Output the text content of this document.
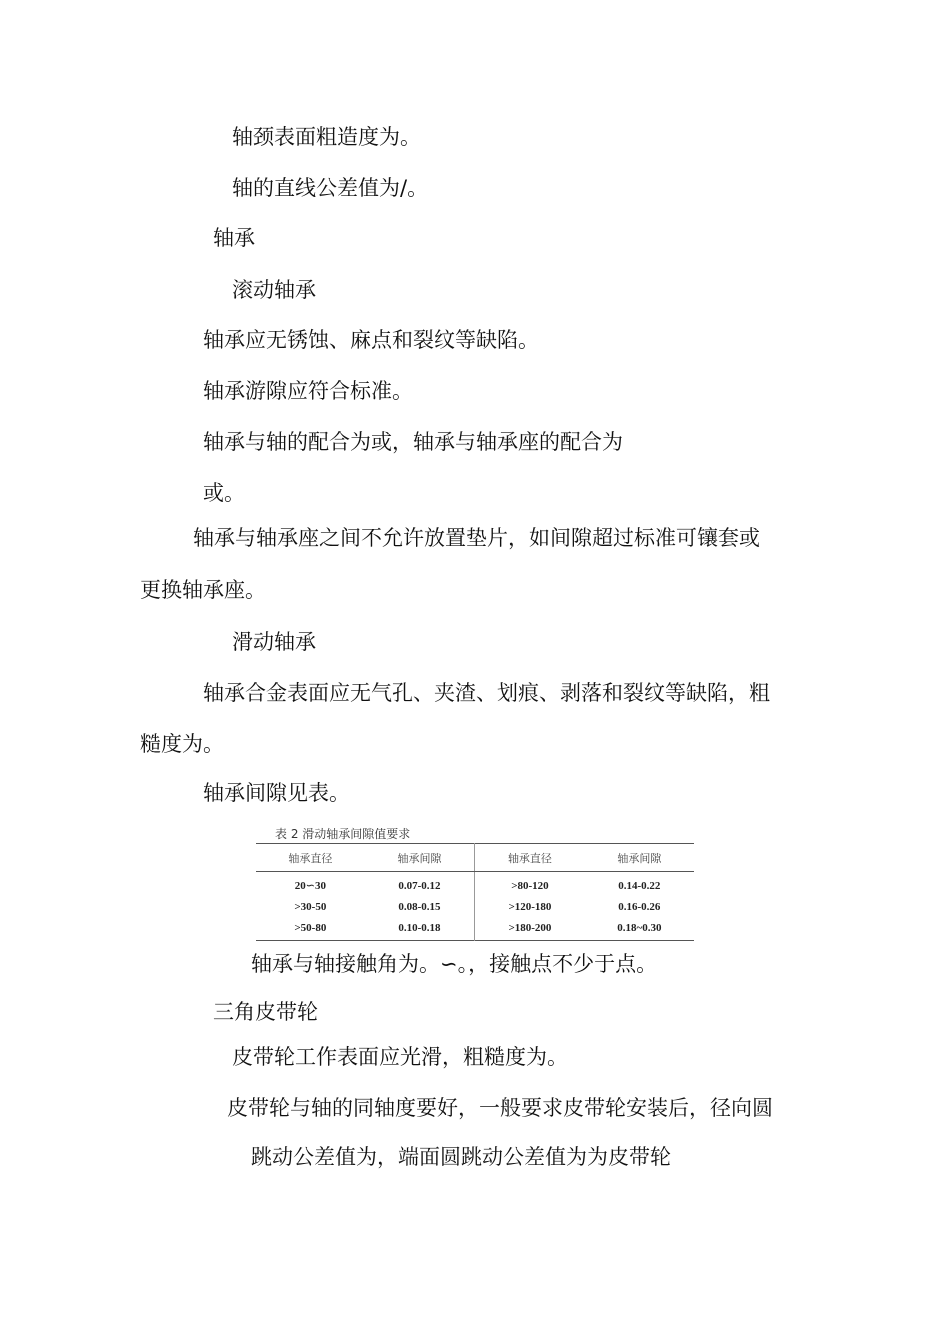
轴颈表面粗造度为。
轴的直线公差值为/。
轴承
滚动轴承
轴承应无锈蚀、麻点和裂纹等缺陷。
轴承游隙应符合标准。
轴承与轴的配合为或，轴承与轴承座的配合为
或。
轴承与轴承座之间不允许放置垫片，如间隙超过标准可镶套或
更换轴承座。
滑动轴承
轴承合金表面应无气孔、夹渣、划痕、剥落和裂纹等缺陷，粗
糙度为。
轴承间隙见表。
表 2 滑动轴承间隙值要求
轴承直径	轴承间隙	轴承直径	轴承间隙
20∽30	0.07-0.12	>80-120	0.14-0.22
>30-50	0.08-0.15	>120-180	0.16-0.26
>50-80	0.10-0.18	>180-200	0.18~0.30
轴承与轴接触角为。∽。，接触点不少于点。
三角皮带轮
皮带轮工作表面应光滑，粗糙度为。
皮带轮与轴的同轴度要好，一般要求皮带轮安装后，径向圆
跳动公差值为，端面圆跳动公差值为为皮带轮
